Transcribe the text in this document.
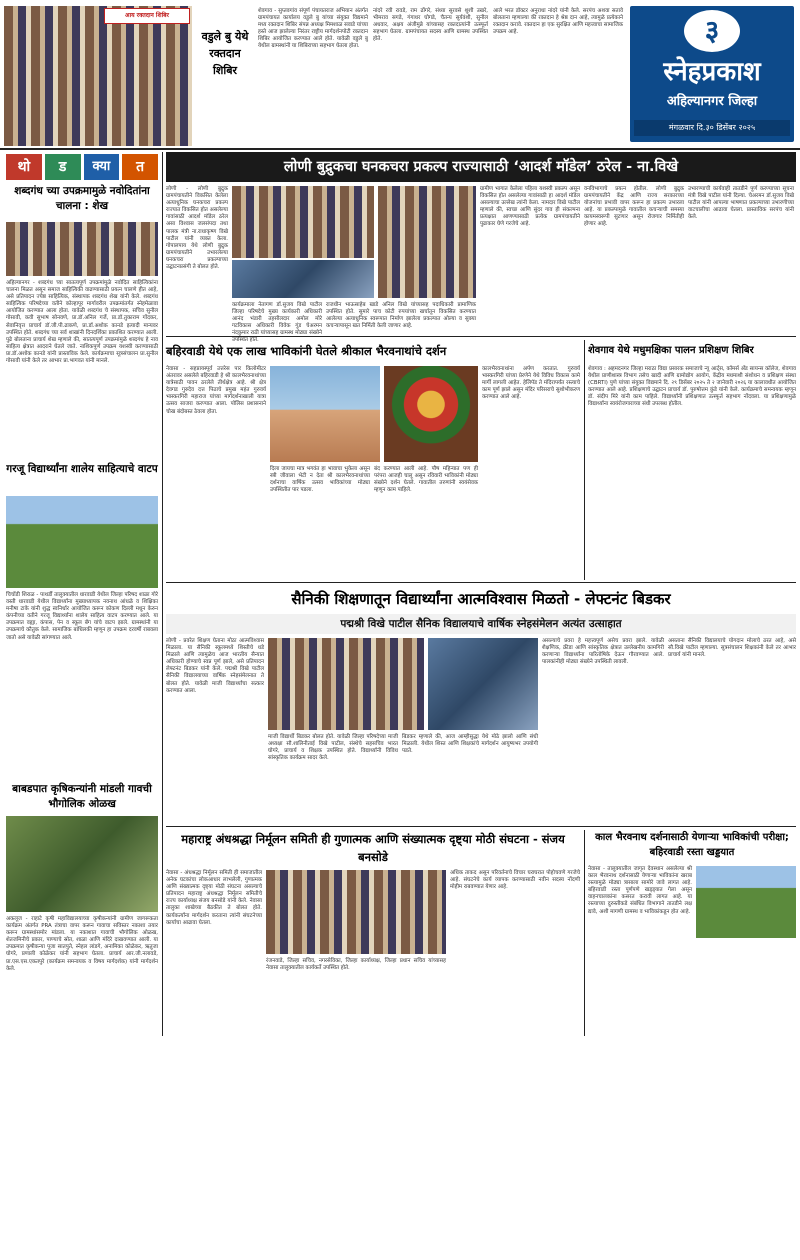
आय रक्तदान शिबिर
वडुले बु येथे रक्तदान शिबिर
शेवगाव - सुप्तवगांव संपूर्ण पंचायतराज अभियान अंतर्गत ग्रामपंचायत कार्यालय वडुले बु यांच्या संयुक्त विद्यमाने मध्य रक्तदान शिबिर संपन्न अध्यक्ष मिमशाळ सवाडे यांच्या हस्ते आज झालेल्या निरंतर राष्ट्रीय मार्गदर्शनपोटी रक्तदान शिबिर आयोजित करण्यात आले होते. यावेळी वडुले बु येथील ग्रामस्थांनी या शिबिराच्या सहभाग घेतला होता.
नांदरे रवी रावडे, राम ढोंगरे, संध्या सुरवसे शुशी उखरे, भीमराव सगडे, गंगाधर घोगडे, चैतन्य सूर्यवंशी, सुनील अधवार, अक्षय अंजीमुन्ने यांच्यासह रक्तदात्यांनी उत्स्फूर्त सहभाग घेतला. ग्रामपंचायत सदस्य आणि ग्रामस्थ उपस्थित होते.
आले भरत डॉक्टर अनुराधा नांदरे यांनी केले. सरपंच अशवा सतावे बोलताना म्हणाल्या की रक्तदान हे श्रेष्ठ दान आहे, त्यामुळे प्रत्येकाने रक्तदान करावे. रक्तदान हा एक सुरक्षित आणि महत्त्वाचा सामाजिक उपक्रम आहे.	३
स्नेहप्रकाश
अहिल्यानगर जिल्हा
मंगळवार दि.३० डिसेंबर २०२५
थो	ड	क्या	त
शब्दगंध च्या उपक्रमामुळे नवोदितांना चालना : शेख
अहिल्यानगर - शब्दगंध च्या सातत्यपूर्ण उपक्रमांमुळे नवोदित साहित्यिकांना चालना मिळत असून समाज साहित्यिकी वाढण्यासाठी प्रयत्न चालणे हीत आहे, असे प्रतिपादन ज्येष्ठ साहित्यिक, संस्थापक शब्दगंध शेख यांनी केले. शब्दगंध साहित्यिक परिषदेच्या वतीने कोल्हापूर मार्गावरील उपक्रमांतर्गत स्नेहमेळावा आयोजित करण्यात आला होता. यावेळी शब्दगंध चे संस्थापक, सचिव सुनील गोसावी, कवी सुभाष सोनवणे, प्रा.डॉ.अनिल गर्जे, प्रा.डॉ.तुकाराम गोंदकर, सेवानिवृत्त प्राचार्य डॉ.जी.पी.ढाकणे, प्रा.डॉ.अशोक कानडे इत्यादी मान्यवर उपस्थित होते. शब्दगंध च्या सर्व शाखांनी दिनदर्शिका प्रकाशित करण्यात आली. पुढे बोलताना प्राचार्य शेख म्हणाले की, सातत्यपूर्ण उपक्रमांमुळे शब्दगंध हे नाव साहित्य क्षेत्रात आदराने घेतले जाते. नाशिकपूर्ण उपक्रम यशस्वी करण्यासाठी प्रा.डॉ.अशोक कानडे यांनी प्रास्ताविक केले. कार्यक्रमाचा सूत्रसंचालन प्रा.सुनील गोसावी यांनी केले तर आभार प्रा.भागवत यांनी मानले.
गरजू विद्यार्थ्यांना शालेय साहित्याचे वाटप
चिचोंडी शिराळ - पाथर्डी तालुक्यातील धारवाडी येथील जिल्हा परिषद शाळा गोरे वस्ती धारवाडी येथील विद्यार्थ्यांना मुख्याध्यापक नवनाथ आंधळे व शिक्षिका मनीषा टाके यांनी शुद्ध स्वनिर्धार आयोजित करून कोकण दिल्ली मधून केरुन कंपनीच्या वतीने गरजू विद्यार्थ्यांना शालेय साहित्य वाटप करण्यात आले. या उपक्रमात वह्या, कंपास, पेन व स्कूल बॅग यांचे वाटप झाले. ग्रामस्थांनी या उपक्रमाचे कौतुक केले. सामाजिक बांधिलकी म्हणून हा उपक्रम दरवर्षी राबवला जातो असे यावेळी सांगण्यात आले.
बाबडपात कृषिकन्यांनी मांडली गावची भौगोलिक ओळख
अकलूज - राहाटे कृषी महाविद्यालयाच्या कृषीकन्यांनी ग्रामीण जागरूकता कार्यक्रम अंतर्गत PRA तंत्राचा वापर करून गावाचा सविस्तर नकाशा तयार करून ग्रामस्थांसमोर मांडला. या नकाशात गावाची भौगोलिक ओळख, शेतजमिनीचे प्रकार, पाण्याचे स्रोत, शाळा आणि मंदिरे दाखवण्यात आली. या उपक्रमात कृषीकन्या पूजा सातपुते, स्नेहल लांडगे, अनामिका कोळेकर, ऋतुजा घोगरे, प्रणाली कोळेकर यांनी सहभाग घेतला. प्राचार्य आर.जी.नलावडे, प्रा.एस.एस.एकतपुरे (कार्यक्रम समन्वयक व विषय मार्गदर्शक) यांनी मार्गदर्शन केले.
लोणी बुद्रुकचा घनकचरा प्रकल्प राज्यासाठी ‘आदर्श मॉडेल’ ठरेल - ना.विखे
लोणी - लोणी बुद्रुक ग्रामपंचायतीने विकसित केलेला अत्याधुनिक घनकचरा प्रकल्प राज्यात विकसित होत असलेल्या गावांसाठी आदर्श मॉडेल ठरेल असा विश्वास जलसंपदा तथा पालक मंत्री ना.राधाकृष्ण विखे पाटील यांनी व्यक्त केला. गोपालपाय येथे लोणी बुद्रुक ग्रामपंचायतीने उभारलेल्या घनकचरा प्रकल्पाच्या उद्घाटनप्रसंगी ते बोलत होते.
कार्यक्रमाला नेतागण डॉ.सुजय विखे पाटील जिल्हा परिषदेचे मुख्य कार्यकारी अधिकारी आनंद भंडारी तहसीलदार अमोल मोरे गटविकास अधिकारी विवेक गुंड चेअरमन नंदकुमार राठी यांच्यासह ग्रामस्थ मोठ्या संख्येने उपस्थित होते.
राजधीन भाऊसाहेब खाडे अनिल विखे यांच्यासह पदाधिकारी प्रामाणिक उपस्थित होते. सुमारे पाच कोटी रुपयांच्या खर्चातून विकसित करण्यात आलेल्या अत्याधुनिक स्वरूपात निर्माण झालेला प्रकल्पात ओल्या व सुक्या कचऱ्यापासून खत निर्मिती केली जाणार आहे.
ग्रामीण भागात केलेला पहिला यशस्वी प्रकल्प असून विकसित होत असलेल्या गावांसाठी हा आदर्श मॉडेल असल्याचा उल्लेख त्यांनी केला. नामदार विखे पाटील म्हणाले की, स्वच्छ आणि सुंदर गाव ही संकल्पना प्रत्यक्षात आणण्यासाठी प्रत्येक ग्रामपंचायतीने पुढाकार घेणे गरजेचे आहे.
वनविभागाचे प्रयत्न होतील. लोणी बुद्रुक ग्रामपंचायतीने केंद्र आणि राज्य सरकारच्या योजनांचा प्रभावी वापर करून हा प्रकल्प उभारला आहे. या प्रकल्पामुळे गावातील कचऱ्याची समस्या कायमस्वरूपी सुटणार असून रोजगार निर्मितीही होणार आहे.
उभारण्याची कार्यवाही तातडीने पूर्ण करण्याच्या सूचना मंत्री विखे पाटील यांनी दिल्या. चेअरमन डॉ.सुजय विखे पाटील यांनी आपल्या भाषणात प्रकल्पाच्या उभारणीच्या वाटचालीचा आढावा घेतला. प्रास्ताविक सरपंच यांनी केले.
बहिरवाडी येथे एक लाख भाविकांनी घेतले श्रीकाल भैरवनाथांचे दर्शन
नेवासा - सहप्रायस्पूर्व उत्तरेस पार किलोमीटर अंतरावर असलेले बहिरवाडी हे श्री कालभैरवनाथांच्या यात्रेसाठी पावन ठरलेले तीर्थक्षेत्र आहे. श्री क्षेत्र देवगड गुरुदेव दत्त पिठाचे प्रमुख महंत गुरुवर्य भास्करगिरी महाराज यांच्या मार्गदर्शनाखाली यात्रा उत्सव साजरा करण्यात आला. पोलिस प्रशासनाने चोख बंदोबस्त ठेवला होता.
दिला जायचा मात्र भगवंत हा भावाचा भुकेला असून स्त्री जीवाला भेटी न देता श्री कालभैरवनाथांच्या दर्शनाचा वार्षिक उत्सव भाविकांच्या मोठ्या उपस्थितीत पार पडला.
बंद करण्यात आली आहे. पौष महिन्यात पण ही परंपरा आजही चालू असून रविवारी भाविकांनी मोठ्या संख्येने दर्शन घेतले. गावातील तरुणांनी स्वयंसेवक म्हणून काम पाहिले.
कालभैरवनाथांना अर्पण करतात. गुरुवर्य भास्करगिरी यांच्या प्रेरणेने येथे विविध विकास कामे मार्गी लागली आहेत. हेलिपॅड ते मंदिरापर्यंत रस्त्याचे काम पूर्ण झाले असून मंदिर परिसराचे सुशोभीकरण करण्यात आले आहे.
शेवगाव येथे मधुमक्षिका पालन प्रशिक्षण शिबिर
शेवगाव : अहमदनगर जिल्हा मराठा विद्या प्रसारक समाजाचे न्यू आर्ट्स, कॉमर्स अँड सायन्स कॉलेज, शेवगाव येथील प्राणीशास्त्र विभाग तसेच खादी आणि ग्रामोद्योग आयोग, केंद्रीय मधमाशी संशोधन व प्रशिक्षण संस्था (CBRTI) पुणे यांच्या संयुक्त विद्यमाने दि. २९ डिसेंबर २०२५ ते २ जानेवारी २०२६ या कालावधीत आयोजित करण्यात आले आहे. प्रशिक्षणाचे उद्घाटन प्राचार्य डॉ. पुरुषोत्तम कुंडे यांनी केले. कार्यक्रमाचे समन्वयक म्हणून डॉ. संदीप मिरे यांनी काम पाहिले. विद्यार्थ्यांनी प्रशिक्षणात उत्स्फूर्त सहभाग नोंदवला. या प्रशिक्षणामुळे विद्यार्थ्यांना स्वयंरोजगाराच्या संधी उपलब्ध होतील.
सैनिकी शिक्षणातून विद्यार्थ्यांना आत्मविश्वास मिळतो - लेफ्टनंट बिडकर
पद्मश्री विखे पाटील सैनिक विद्यालयाचे वार्षिक स्नेहसंमेलन अत्यंत उत्साहात
लोणी - प्रवरेत शिक्षण घेताना मोठा आत्मविश्वास मिळाला. या सैनिकी स्कूलमध्ये शिस्तीचे धडे मिळाले आणि त्यामुळेच आज भारतीय सैन्यात अधिकारी होण्याचे स्वप्न पूर्ण झाले, असे प्रतिपादन लेफ्टनंट बिडकर यांनी केले. पद्मश्री विखे पाटील सैनिकी विद्यालयाच्या वार्षिक स्नेहसंमेलनात ते बोलत होते. यावेळी माजी विद्यार्थ्यांचा सत्कार करण्यात आला.
माजी विद्यार्थी बिडकर बोलत होते. यावेळी जिल्हा परिषदेच्या माजी अध्यक्षा सौ.शालिनीताई विखे पाटील, संस्थेचे सहसचिव भारत घोगरे, प्राचार्य व शिक्षक उपस्थित होते. विद्यार्थ्यांनी विविध सांस्कृतिक कार्यक्रम सादर केले.
बिडकर म्हणाले की, आज आम्हीसुद्धा येथे मोठे झालो आणि संधी मिळाली. येथील शिस्त आणि शिक्षकांचे मार्गदर्शन आयुष्यभर उपयोगी पडते.
असल्याचे प्रवरा हे महत्त्वपूर्ण असेच प्रवरा झाले. यावेळी शैक्षणिक, क्रीडा आणि सांस्कृतिक क्षेत्रात उल्लेखनीय कामगिरी करणाऱ्या विद्यार्थ्यांना पारितोषिके देऊन गौरवण्यात आले. पालकांनीही मोठ्या संख्येने उपस्थिती लावली.
असताना सैनिकी विद्यालयाचे योगदान मोलाचे ठरत आहे, असे सौ.विखे पाटील म्हणाल्या. सूत्रसंचालन शिक्षकांनी केले तर आभार प्राचार्य यांनी मानले.
महाराष्ट्र अंधश्रद्धा निर्मूलन समिती ही गुणात्मक आणि संख्यात्मक दृष्ट्या मोठी संघटना - संजय बनसोडे
नेवासा - अंधश्रद्धा निर्मूलन समिती ही समाजातील अनेक घटकांचा लोकआधार लाभलेली, गुणात्मक आणि संख्यात्मक दृष्ट्या मोठी संघटना असल्याचे प्रतिपादन महाराष्ट्र अंधश्रद्धा निर्मूलन समितीचे राज्य कार्याध्यक्ष संजय बनसोडे यांनी केले. नेवासा तालुका शाखेच्या बैठकीत ते बोलत होते. कार्यकर्त्यांना मार्गदर्शन करताना त्यांनी संघटनेच्या कार्याचा आढावा घेतला.
रंजनवाडे, जिल्हा सचिव, नगरसेविका, जिल्हा कार्याध्यक्ष, जिल्हा प्रधान सचिव यांच्यासह नेवासा तालुक्यातील कार्यकर्ते उपस्थित होते.
अधिक ताकद असून परिवर्तनाचे विचार घराघरात पोहोचवणे गरजेचे आहे. संघटनेचे कार्य व्यापक करण्यासाठी नवीन सदस्य नोंदणी मोहीम राबवण्यात येणार आहे.
काल भैरवनाथ दर्शनासाठी येणाऱ्या भाविकांची परीक्षा; बहिरवाडी रस्ता खड्डयात
नेवासा - तालुक्यातील जागृत देवस्थान असलेल्या श्री काल भैरवनाथ दर्शनासाठी येणाऱ्या भाविकांना खराब रस्त्यामुळे मोठ्या त्रासाला सामोरे जावे लागत आहे. बहिरवाडी रस्ता पूर्णपणे खड्ड्यात गेला असून वाहनचालकांना कसरत करावी लागत आहे. या रस्त्याच्या दुरुस्तीकडे संबंधित विभागाने तातडीने लक्ष द्यावे, अशी मागणी ग्रामस्थ व भाविकांकडून होत आहे.
